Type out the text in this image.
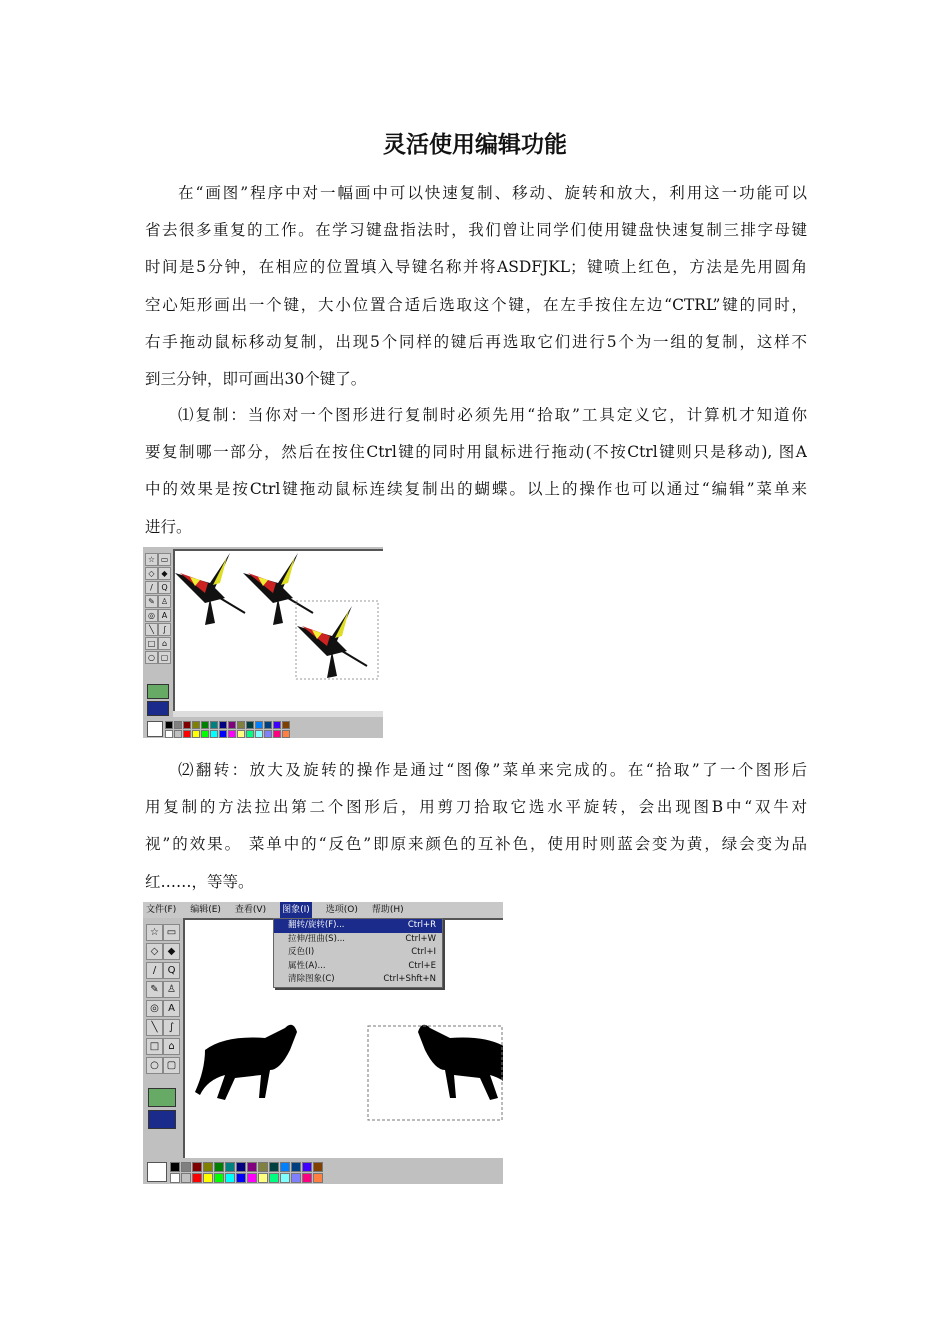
灵活使用编辑功能
在“画图”程序中对一幅画中可以快速复制、移动、旋转和放大，利用这一功能可以
省去很多重复的工作。在学习键盘指法时，我们曾让同学们使用键盘快速复制三排字母键
时间是5分钟，在相应的位置填入导键名称并将ASDFJKL；键喷上红色，方法是先用圆角
空心矩形画出一个键，大小位置合适后选取这个键，在左手按住左边“CTRL”键的同时，
右手拖动鼠标移动复制，出现5个同样的键后再选取它们进行5个为一组的复制，这样不
到三分钟，即可画出30个键了。
⑴复制：当你对一个图形进行复制时必须先用“拾取”工具定义它，计算机才知道你
要复制哪一部分，然后在按住Ctrl键的同时用鼠标进行拖动(不按Ctrl键则只是移动), 图A
中的效果是按Ctrl键拖动鼠标连续复制出的蝴蝶。以上的操作也可以通过“编辑”菜单来
进行。
☆ ▭
◇ ◆
/	Q
✎ ♙
◎ A
╲	∫
□ ⌂
○ ▢
⑵翻转：放大及旋转的操作是通过“图像”菜单来完成的。在“拾取”了一个图形后
用复制的方法拉出第二个图形后，用剪刀拾取它选水平旋转，会出现图B中“双牛对
视”的效果。 菜单中的“反色”即原来颜色的互补色，使用时则蓝会变为黄，绿会变为品
红……，等等。
☆ ▭
◇ ◆
/	Q
✎ ♙
◎ A
╲	∫
□ ⌂
○ ▢
文件(F) 编辑(E) 查看(V) 图象(I) 选项(O) 帮助(H)
翻转/旋转(F)...	Ctrl+R
拉伸/扭曲(S)...	Ctrl+W
反色(I)	Ctrl+I
属性(A)...	Ctrl+E
清除图象(C)	Ctrl+Shft+N
